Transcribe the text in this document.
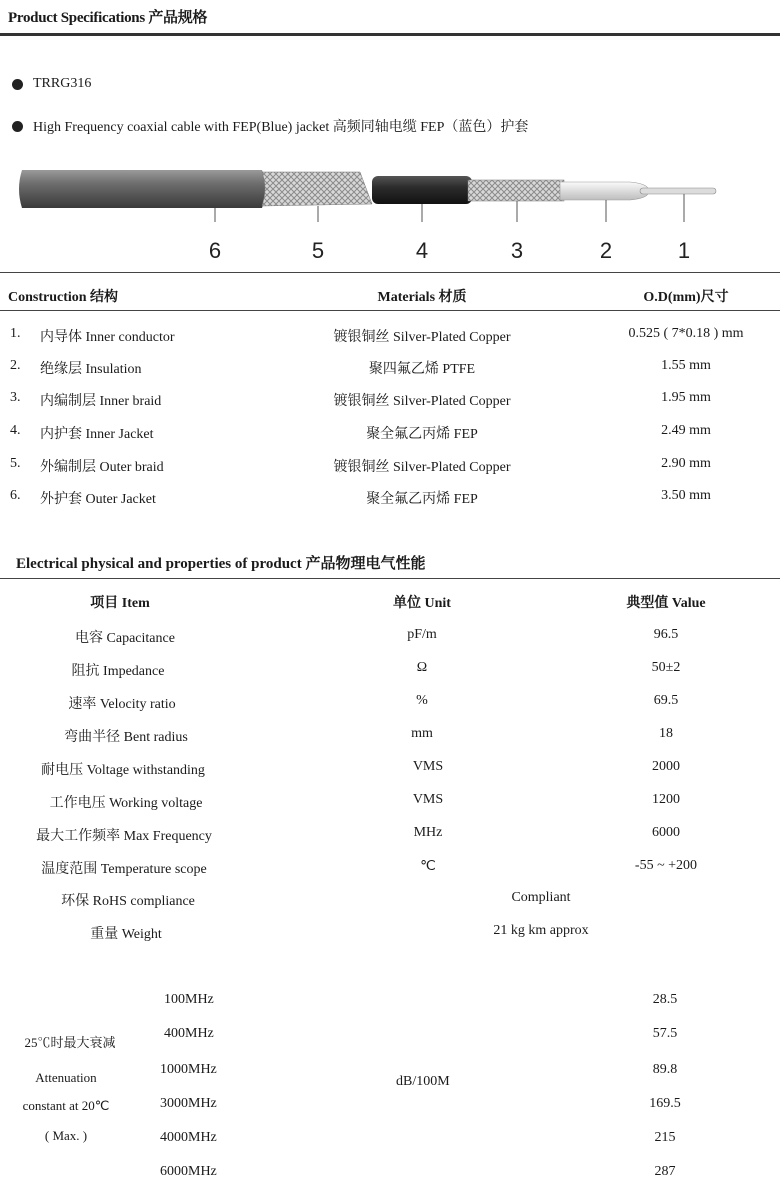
Product Specifications 产品规格
TRRG316
High Frequency coaxial cable with FEP(Blue) jacket 高频同轴电缆 FEP（蓝色）护套
6	5	4	3	2	1
Construction 结构	Materials 材质	O.D(mm)尺寸
1. 内导体 Inner conductor	镀银铜丝 Silver-Plated Copper	0.525 ( 7*0.18 ) mm
2. 绝缘层 Insulation	聚四氟乙烯 PTFE	1.55 mm
3. 内编制层 Inner braid	镀银铜丝 Silver-Plated Copper	1.95 mm
4. 内护套 Inner Jacket	聚全氟乙丙烯 FEP	2.49 mm
5. 外编制层 Outer braid	镀银铜丝 Silver-Plated Copper	2.90 mm
6. 外护套 Outer Jacket	聚全氟乙丙烯 FEP	3.50 mm
Electrical physical and properties of product 产品物理电气性能
项目 Item	单位 Unit	典型值 Value
电容 Capacitance	pF/m	96.5
阻抗 Impedance	Ω	50±2
速率 Velocity ratio	%	69.5
弯曲半径 Bent radius	mm	18
耐电压 Voltage withstanding	VMS	2000
工作电压 Working voltage	VMS	1200
最大工作频率 Max Frequency	MHz	6000
温度范围 Temperature scope	℃	-55 ~ +200
环保 RoHS compliance	Compliant
重量 Weight	21 kg km approx
25℃时最大衰减
Attenuation
constant at 20℃
( Max. )
dB/100M
100MHz	28.5
400MHz	57.5
1000MHz	89.8
3000MHz	169.5
4000MHz	215
6000MHz	287
